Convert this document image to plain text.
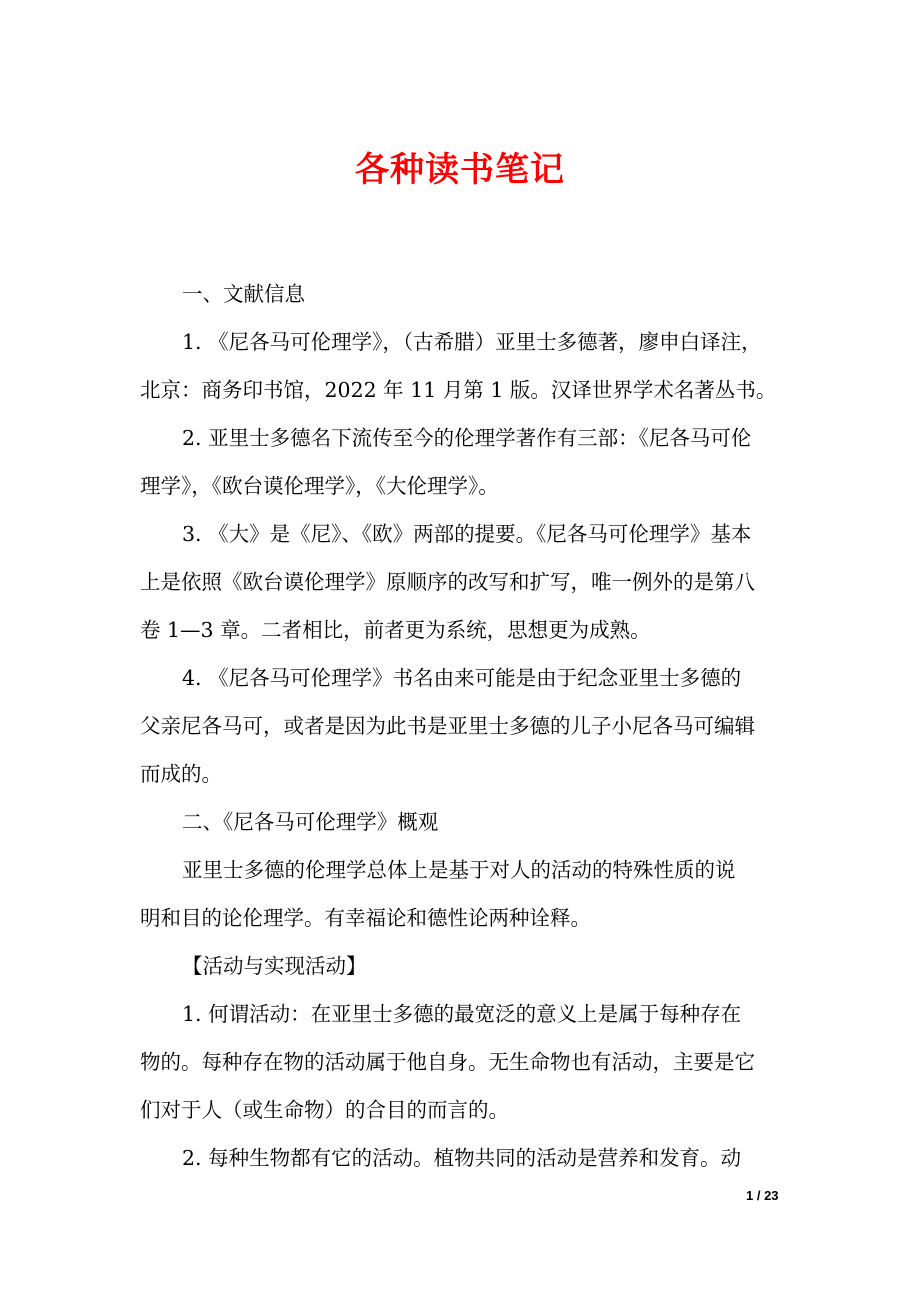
各种读书笔记
一、文献信息
1. 《尼各马可伦理学》，（古希腊）亚里士多德著，廖申白译注，
北京：商务印书馆，2022 年 11 月第 1 版。汉译世界学术名著丛书。
2. 亚里士多德名下流传至今的伦理学著作有三部：《尼各马可伦
理学》，《欧台谟伦理学》，《大伦理学》。
3. 《大》是《尼》、《欧》两部的提要。《尼各马可伦理学》基本
上是依照《欧台谟伦理学》原顺序的改写和扩写，唯一例外的是第八
卷 1—3 章。二者相比，前者更为系统，思想更为成熟。
4. 《尼各马可伦理学》书名由来可能是由于纪念亚里士多德的
父亲尼各马可，或者是因为此书是亚里士多德的儿子小尼各马可编辑
而成的。
二、《尼各马可伦理学》概观
亚里士多德的伦理学总体上是基于对人的活动的特殊性质的说
明和目的论伦理学。有幸福论和德性论两种诠释。
【活动与实现活动】
1. 何谓活动：在亚里士多德的最宽泛的意义上是属于每种存在
物的。每种存在物的活动属于他自身。无生命物也有活动，主要是它
们对于人（或生命物）的合目的而言的。
2. 每种生物都有它的活动。植物共同的活动是营养和发育。动
1 / 23
